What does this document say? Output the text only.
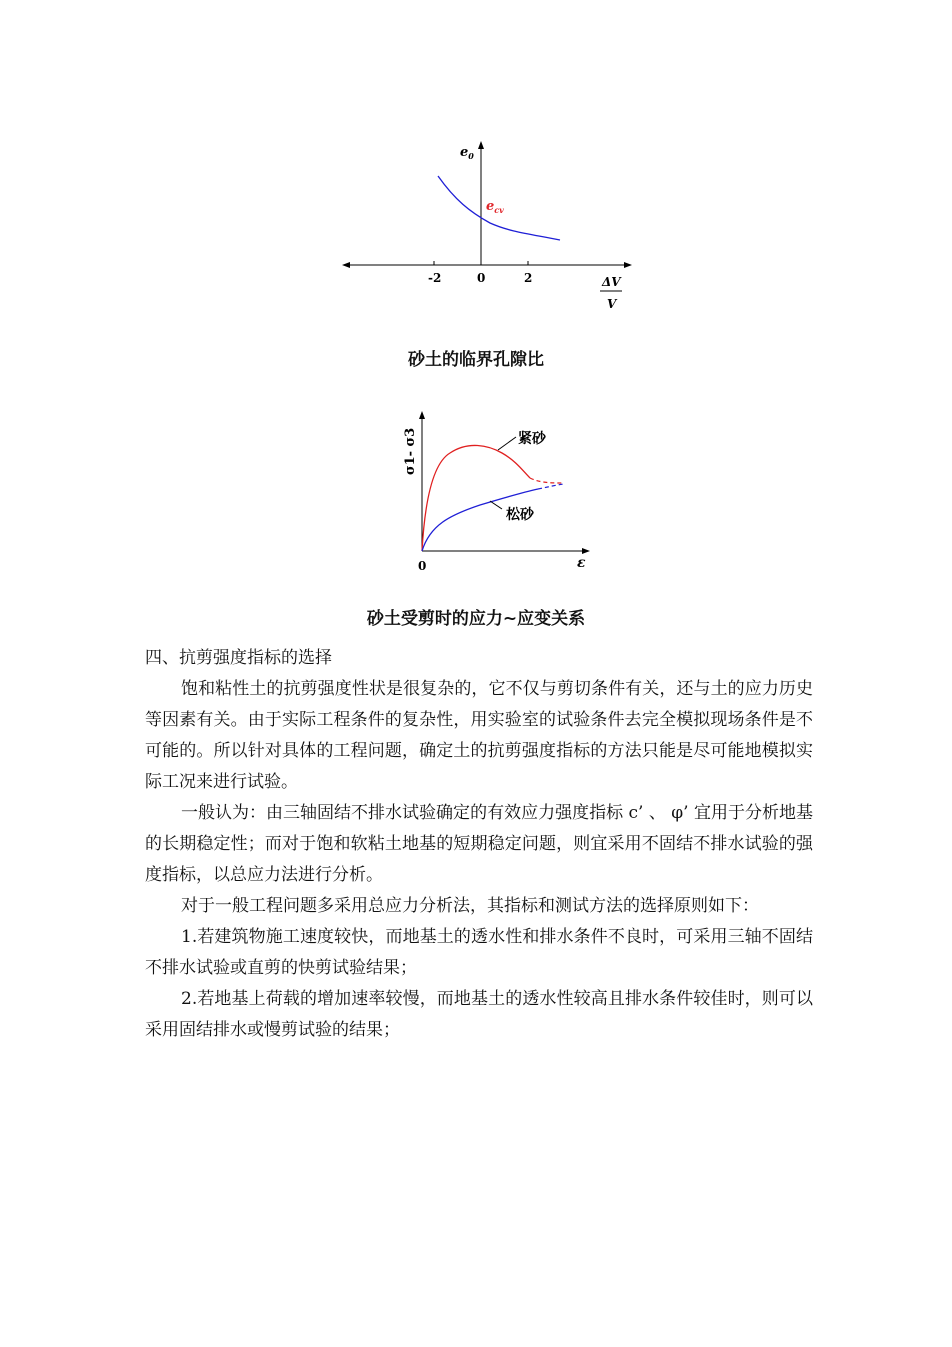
$e_0$
$e_{cv}$
-2	0	2	ΔV
V
砂土的临界孔隙比
紧砂
松砂
σ1- σ3
0	ε
砂土受剪时的应力~应变关系

四、抗剪强度指标的选择

饱和粘性土的抗剪强度性状是很复杂的，它不仅与剪切条件有关，还与土的应力历史等因素有关。由于实际工程条件的复杂性，用实验室的试验条件去完全模拟现场条件是不可能的。所以针对具体的工程问题，确定土的抗剪强度指标的方法只能是尽可能地模拟实际工况来进行试验。

一般认为：由三轴固结不排水试验确定的有效应力强度指标 c’ 、 φ’ 宜用于分析地基的长期稳定性；而对于饱和软粘土地基的短期稳定问题，则宜采用不固结不排水试验的强度指标，以总应力法进行分析。

对于一般工程问题多采用总应力分析法，其指标和测试方法的选择原则如下：

1.若建筑物施工速度较快，而地基土的透水性和排水条件不良时，可采用三轴不固结不排水试验或直剪的快剪试验结果；

2.若地基上荷载的增加速率较慢，而地基土的透水性较高且排水条件较佳时，则可以采用固结排水或慢剪试验的结果；
